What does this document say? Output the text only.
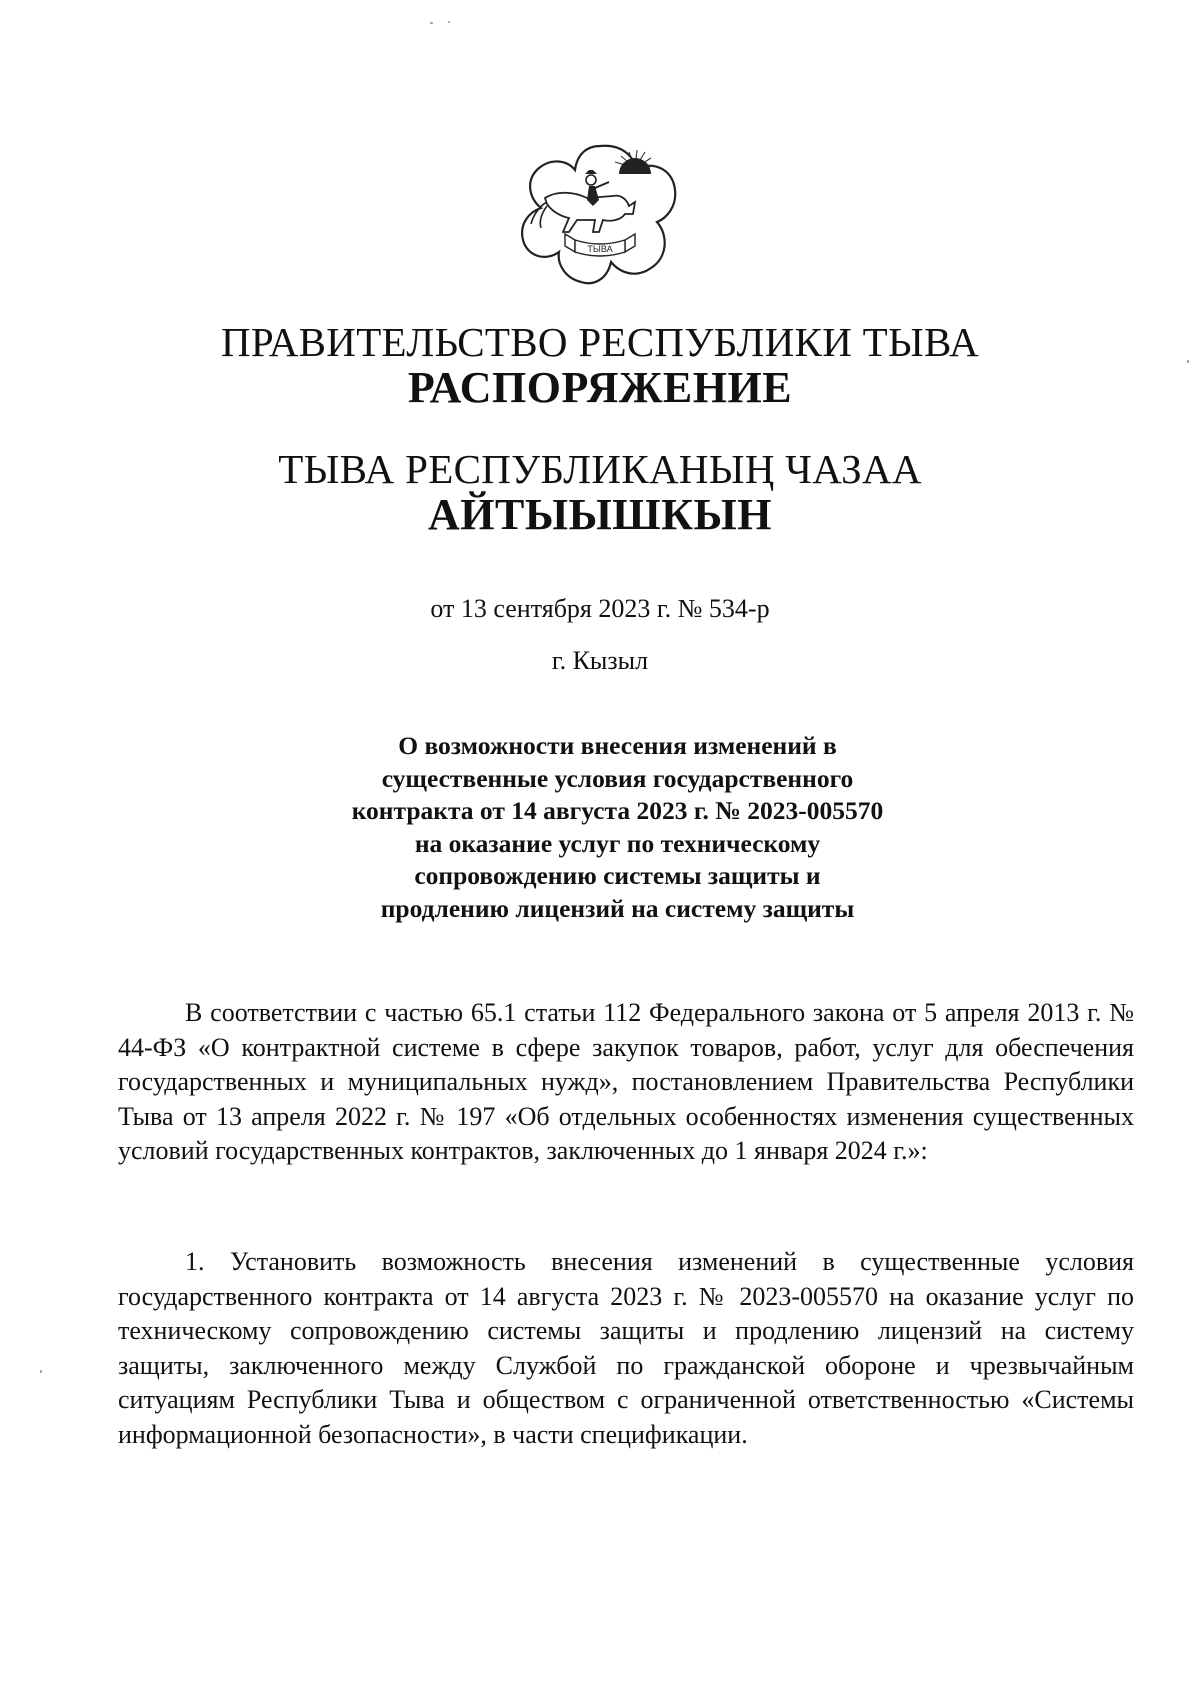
ТЫВА
ПРАВИТЕЛЬСТВО РЕСПУБЛИКИ ТЫВА
РАСПОРЯЖЕНИЕ
ТЫВА РЕСПУБЛИКАНЫҢ ЧАЗАА
АЙТЫЫШКЫН
от 13 сентября 2023 г. № 534-р
г. Кызыл
О возможности внесения изменений в
существенные условия государственного
контракта от 14 августа 2023 г. № 2023-005570
на оказание услуг по техническому
сопровождению системы защиты и
продлению лицензий на систему защиты

В соответствии с частью 65.1 статьи 112 Федерального закона от 5 апреля 2013 г. № 44-ФЗ «О контрактной системе в сфере закупок товаров, работ, услуг для обеспечения государственных и муниципальных нужд», постановлением Правительства Республики Тыва от 13 апреля 2022 г. № 197 «Об отдельных особенностях изменения существенных условий государственных контрактов, заключенных до 1 января 2024 г.»:

1. Установить возможность внесения изменений в существенные условия государственного контракта от 14 августа 2023 г. № 2023-005570 на оказание услуг по техническому сопровождению системы защиты и продлению лицензий на систему защиты, заключенного между Службой по гражданской обороне и чрезвычайным ситуациям Республики Тыва и обществом с ограниченной ответственностью «Системы информационной безопасности», в части спецификации.
